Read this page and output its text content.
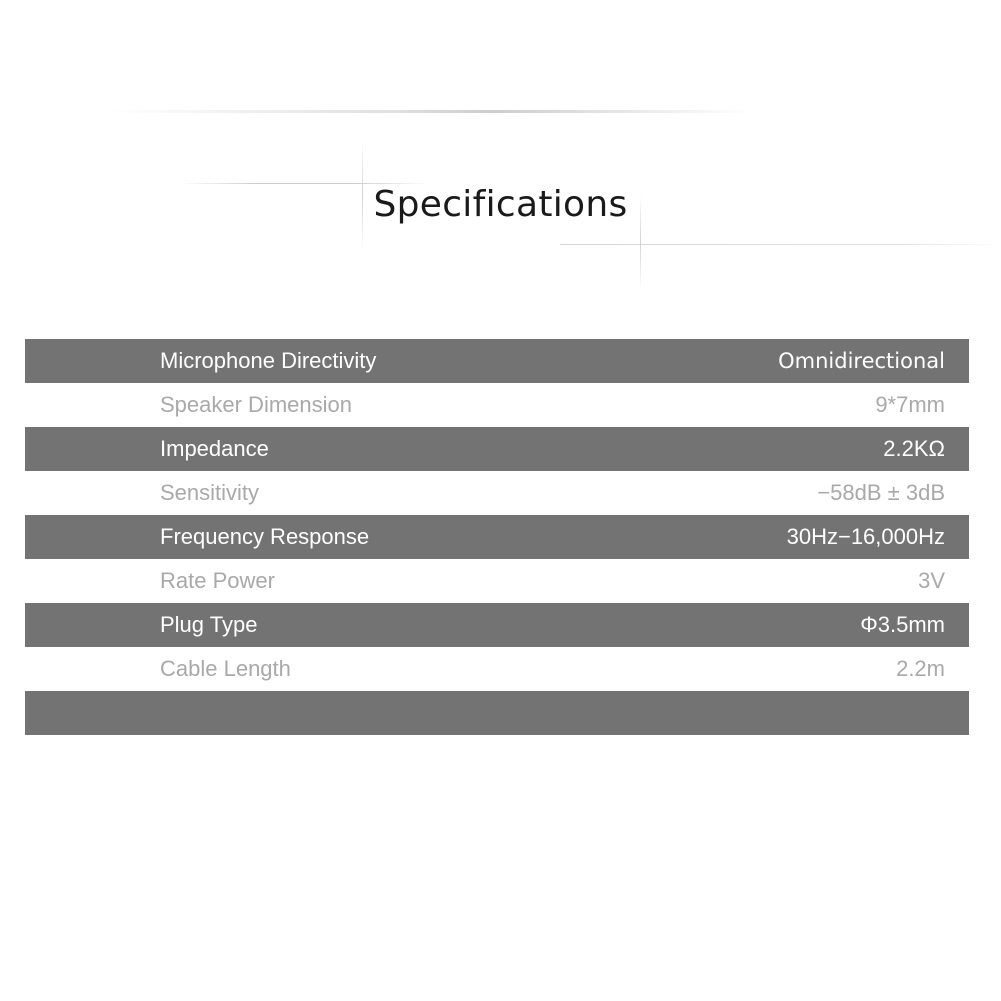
Specifications
Microphone Directivity	Omnidirectional
Speaker Dimension	9*7mm
Impedance	2.2KΩ
Sensitivity	−58dB ± 3dB
Frequency Response	30Hz−16,000Hz
Rate Power	3V
Plug Type	Φ3.5mm
Cable Length	2.2m
